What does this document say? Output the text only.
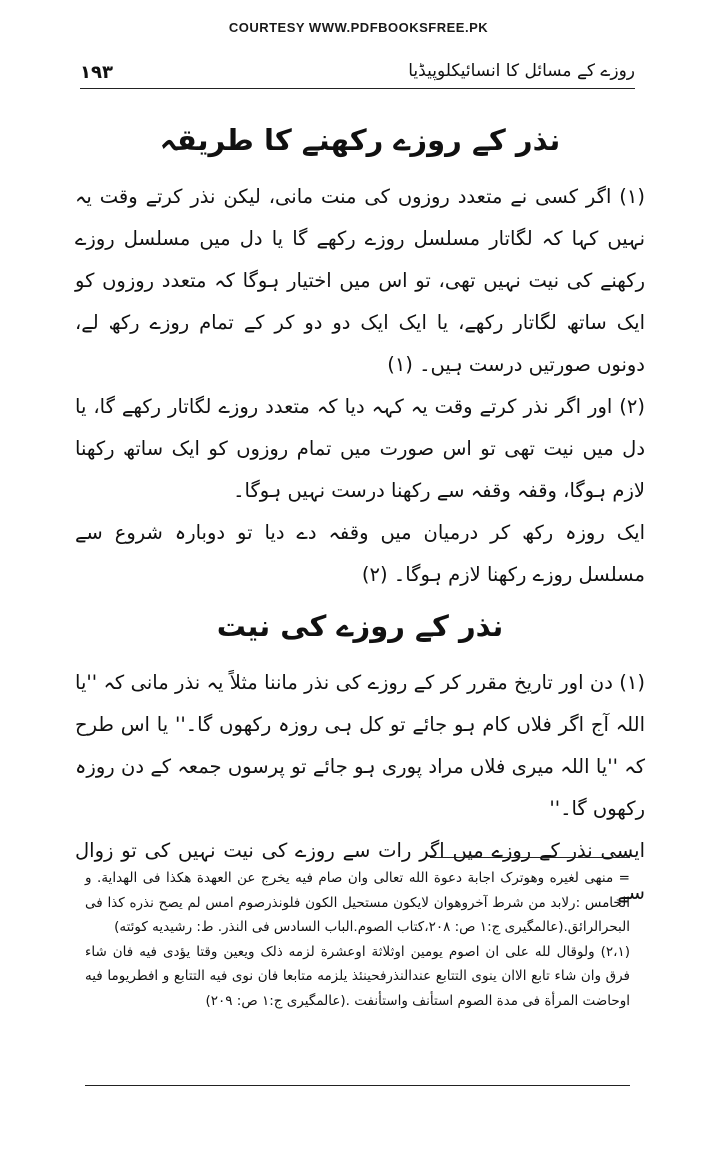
COURTESY WWW.PDFBOOKSFREE.PK
۱۹۳	روزے کے مسائل کا انسائیکلوپیڈیا
نذر کے روزے رکھنے کا طریقہ

(۱) اگر کسی نے متعدد روزوں کی منت مانی، لیکن نذر کرتے وقت یہ نہیں کہا کہ لگاتار مسلسل روزے رکھے گا یا دل میں مسلسل روزے رکھنے کی نیت نہیں تھی، تو اس میں اختیار ہوگا کہ متعدد روزوں کو ایک ساتھ لگاتار رکھے، یا ایک ایک دو دو کر کے تمام روزے رکھ لے، دونوں صورتیں درست ہیں۔ (۱)

(۲) اور اگر نذر کرتے وقت یہ کہہ دیا کہ متعدد روزے لگاتار رکھے گا، یا دل میں نیت تھی تو اس صورت میں تمام روزوں کو ایک ساتھ رکھنا لازم ہوگا، وقفہ وقفہ سے رکھنا درست نہیں ہوگا۔

ایک روزہ رکھ کر درمیان میں وقفہ دے دیا تو دوبارہ شروع سے مسلسل روزے رکھنا لازم ہوگا۔ (۲)

نذر کے روزے کی نیت

(۱) دن اور تاریخ مقرر کر کے روزے کی نذر ماننا مثلاً یہ نذر مانی کہ ''یا اللہ آج اگر فلاں کام ہو جائے تو کل ہی روزہ رکھوں گا۔'' یا اس طرح کہ ''یا اللہ میری فلاں مراد پوری ہو جائے تو پرسوں جمعہ کے دن روزہ رکھوں گا۔''

ایسی نذر کے روزے میں اگر رات سے روزے کی نیت نہیں کی تو زوال سے

= منهی لغیره وهوترک اجابة دعوة الله تعالی وان صام فیه یخرج عن العهدة هکذا فی الهدایة. و الخامس :رلابد من شرط آخروهوان لایکون مستحیل الکون فلونذرصوم امس لم یصح نذره کذا فی البحرالرائق.(عالمگیری ج:۱ ص: ۲۰۸،کتاب الصوم.الباب السادس فی النذر. ط: رشیدیه کوئته)

(۲،۱) ولوقال لله علی ان اصوم یومین اوثلاثة اوعشرة لزمه ذلک ویعین وقتا یؤدی فیه فان شاء فرق وان شاء تابع الاان ینوی التتابع عندالنذرفحینئذ یلزمه متابعا فان نوی فیه التتابع و افطریوما فیه اوحاضت المرأة فی مدة الصوم استأنف واستأنفت .(عالمگیری ج:۱ ص: ۲۰۹)
